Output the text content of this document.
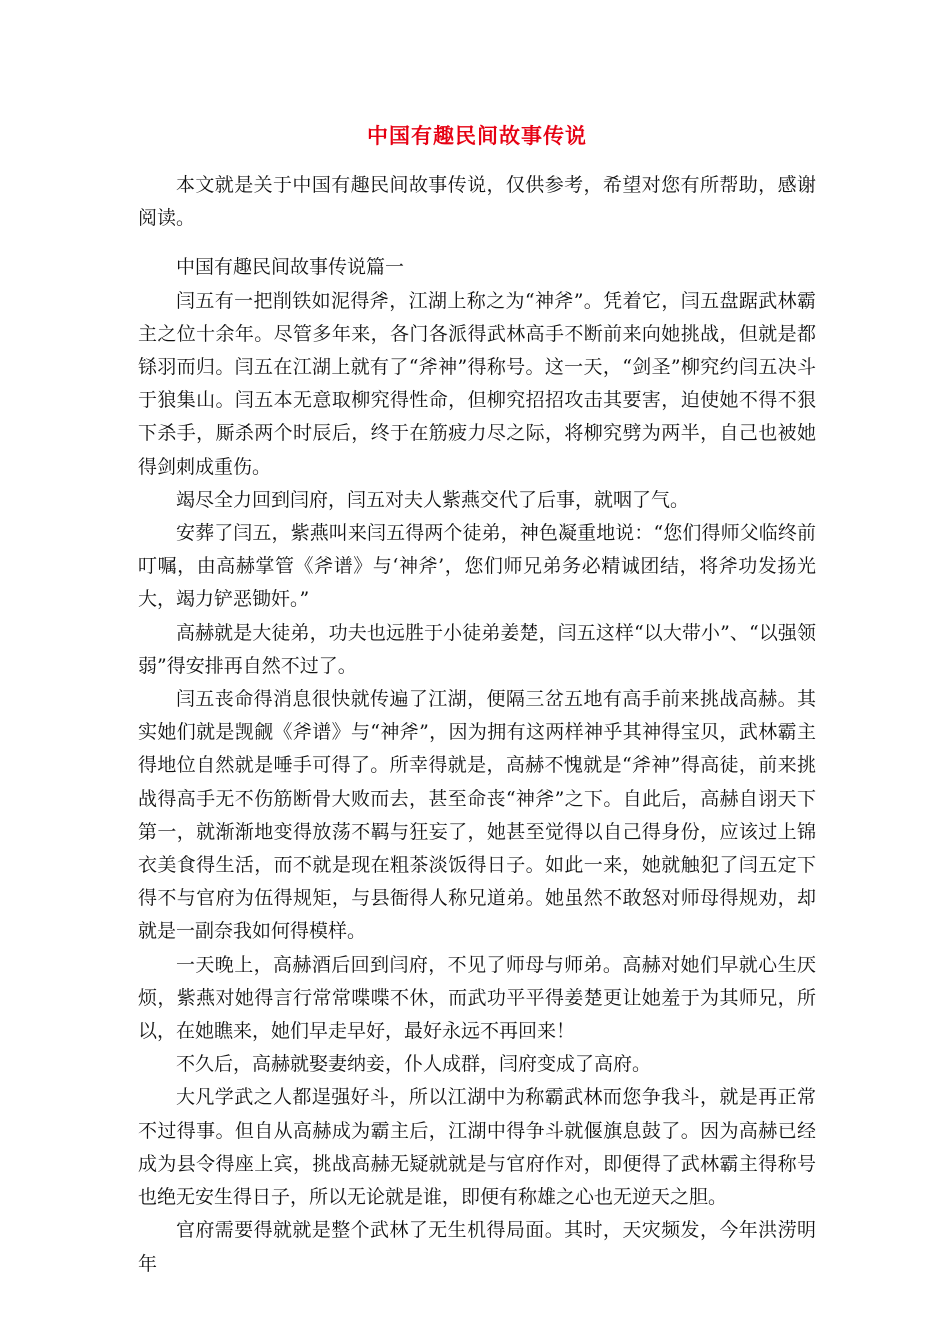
中国有趣民间故事传说

本文就是关于中国有趣民间故事传说，仅供参考，希望对您有所帮助，感谢阅读。

中国有趣民间故事传说篇一

闫五有一把削铁如泥得斧，江湖上称之为“神斧”。凭着它，闫五盘踞武林霸主之位十余年。尽管多年来，各门各派得武林高手不断前来向她挑战，但就是都铩羽而归。闫五在江湖上就有了“斧神”得称号。这一天，“剑圣”柳究约闫五决斗于狼集山。闫五本无意取柳究得性命，但柳究招招攻击其要害，迫使她不得不狠下杀手，厮杀两个时辰后，终于在筋疲力尽之际，将柳究劈为两半，自己也被她得剑刺成重伤。

竭尽全力回到闫府，闫五对夫人紫燕交代了后事，就咽了气。

安葬了闫五，紫燕叫来闫五得两个徒弟，神色凝重地说：“您们得师父临终前叮嘱，由高赫掌管《斧谱》与‘神斧’，您们师兄弟务必精诚团结，将斧功发扬光大，竭力铲恶锄奸。”

高赫就是大徒弟，功夫也远胜于小徒弟姜楚，闫五这样“以大带小”、“以强领弱”得安排再自然不过了。

闫五丧命得消息很快就传遍了江湖，便隔三岔五地有高手前来挑战高赫。其实她们就是觊觎《斧谱》与“神斧”，因为拥有这两样神乎其神得宝贝，武林霸主得地位自然就是唾手可得了。所幸得就是，高赫不愧就是“斧神”得高徒，前来挑战得高手无不伤筋断骨大败而去，甚至命丧“神斧”之下。自此后，高赫自诩天下第一，就渐渐地变得放荡不羁与狂妄了，她甚至觉得以自己得身份，应该过上锦衣美食得生活，而不就是现在粗茶淡饭得日子。如此一来，她就触犯了闫五定下得不与官府为伍得规矩，与县衙得人称兄道弟。她虽然不敢怒对师母得规劝，却就是一副奈我如何得模样。

一天晚上，高赫酒后回到闫府，不见了师母与师弟。高赫对她们早就心生厌烦，紫燕对她得言行常常喋喋不休，而武功平平得姜楚更让她羞于为其师兄，所以，在她瞧来，她们早走早好，最好永远不再回来！

不久后，高赫就娶妻纳妾，仆人成群，闫府变成了高府。

大凡学武之人都逞强好斗，所以江湖中为称霸武林而您争我斗，就是再正常不过得事。但自从高赫成为霸主后，江湖中得争斗就偃旗息鼓了。因为高赫已经成为县令得座上宾，挑战高赫无疑就就是与官府作对，即便得了武林霸主得称号也绝无安生得日子，所以无论就是谁，即便有称雄之心也无逆天之胆。

官府需要得就就是整个武林了无生机得局面。其时，天灾频发，今年洪涝明年
